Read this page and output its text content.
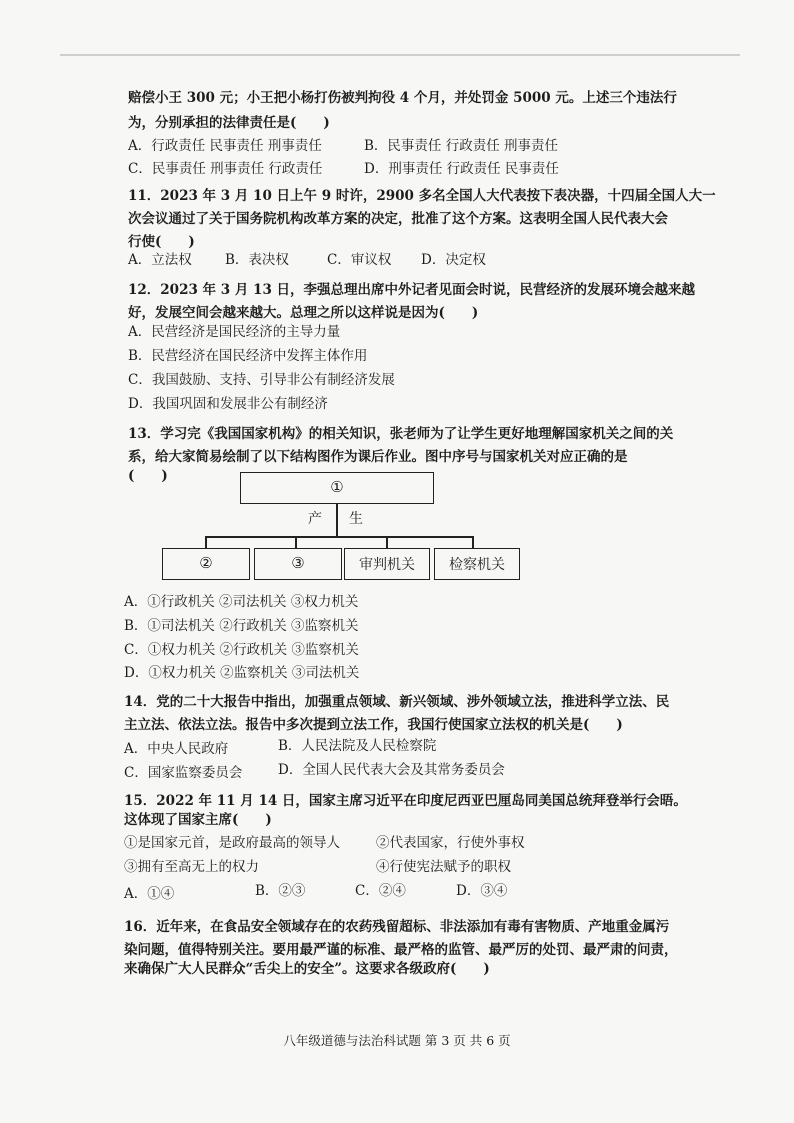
赔偿小王 300 元；小王把小杨打伤被判拘役 4 个月，并处罚金 5000 元。上述三个违法行
为，分别承担的法律责任是(　　)
A．行政责任 民事责任 刑事责任	B．民事责任 行政责任 刑事责任
C．民事责任 刑事责任 行政责任	D．刑事责任 行政责任 民事责任
11．2023 年 3 月 10 日上午 9 时许，2900 多名全国人大代表按下表决器，十四届全国人大一
次会议通过了关于国务院机构改革方案的决定，批准了这个方案。这表明全国人民代表大会
行使(　　)
A．立法权 B．表决权	C．审议权 D．决定权
12．2023 年 3 月 13 日，李强总理出席中外记者见面会时说，民营经济的发展环境会越来越
好，发展空间会越来越大。总理之所以这样说是因为(　　)
A．民营经济是国民经济的主导力量
B．民营经济在国民经济中发挥主体作用
C．我国鼓励、支持、引导非公有制经济发展
D．我国巩固和发展非公有制经济
13．学习完《我国国家机构》的相关知识，张老师为了让学生更好地理解国家机关之间的关
系，给大家简易绘制了以下结构图作为课后作业。图中序号与国家机关对应正确的是
(　　)
①
产 生
②	③	审判机关	检察机关
A．①行政机关 ②司法机关 ③权力机关
B．①司法机关 ②行政机关 ③监察机关
C．①权力机关 ②行政机关 ③监察机关
D．①权力机关 ②监察机关 ③司法机关
14．党的二十大报告中指出，加强重点领域、新兴领域、涉外领域立法，推进科学立法、民
主立法、依法立法。报告中多次提到立法工作，我国行使国家立法权的机关是(　　)
A．中央人民政府	B．人民法院及人民检察院
C．国家监察委员会	D．全国人民代表大会及其常务委员会
15．2022 年 11 月 14 日，国家主席习近平在印度尼西亚巴厘岛同美国总统拜登举行会晤。
这体现了国家主席(　　)
①是国家元首，是政府最高的领导人	②代表国家，行使外事权
③拥有至高无上的权力	④行使宪法赋予的职权
A．①④	B．②③	C．②④	D．③④
16．近年来，在食品安全领域存在的农药残留超标、非法添加有毒有害物质、产地重金属污
染问题，值得特别关注。要用最严谨的标准、最严格的监管、最严厉的处罚、最严肃的问责，
来确保广大人民群众“舌尖上的安全”。这要求各级政府(　　)
八年级道德与法治科试题 第 3 页 共 6 页
